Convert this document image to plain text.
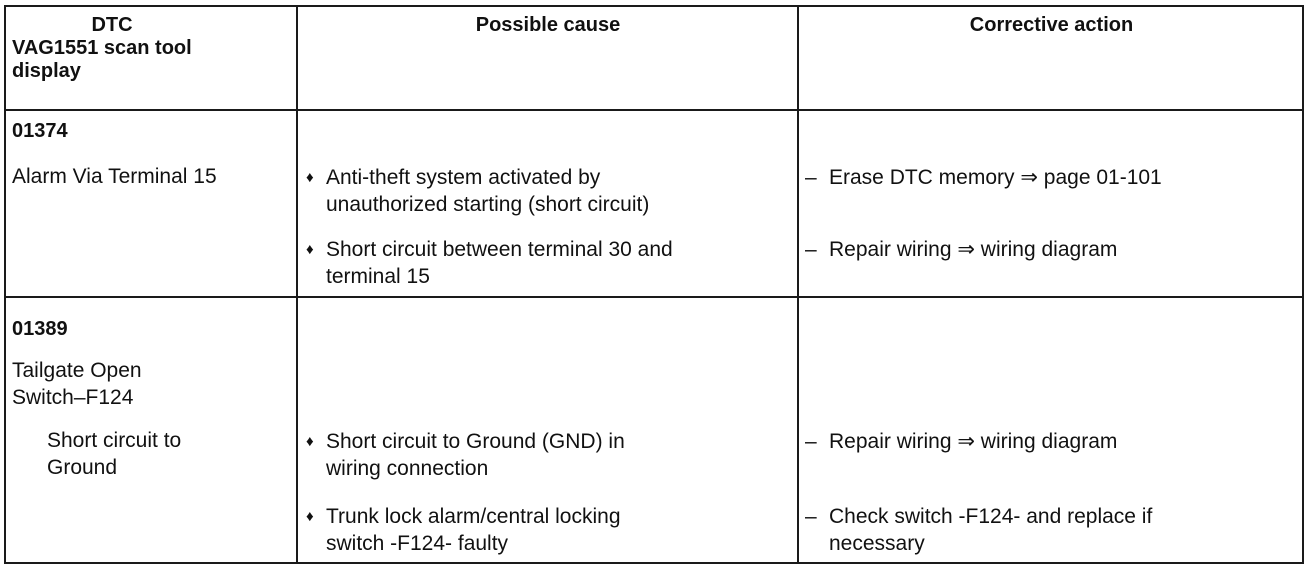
DTC
VAG1551 scan tool
display
Possible cause	Corrective action
01374
Alarm Via Terminal 15	♦ Anti-theft system activated by
unauthorized starting (short circuit)
– Erase DTC memory ⇒ page 01-101
♦ Short circuit between terminal 30 and
terminal 15
– Repair wiring ⇒ wiring diagram
01389
Tailgate Open
Switch–F124
Short circuit to
Ground
♦ Short circuit to Ground (GND) in
wiring connection
– Repair wiring ⇒ wiring diagram
♦ Trunk lock alarm/central locking
switch -F124- faulty
– Check switch -F124- and replace if
necessary
